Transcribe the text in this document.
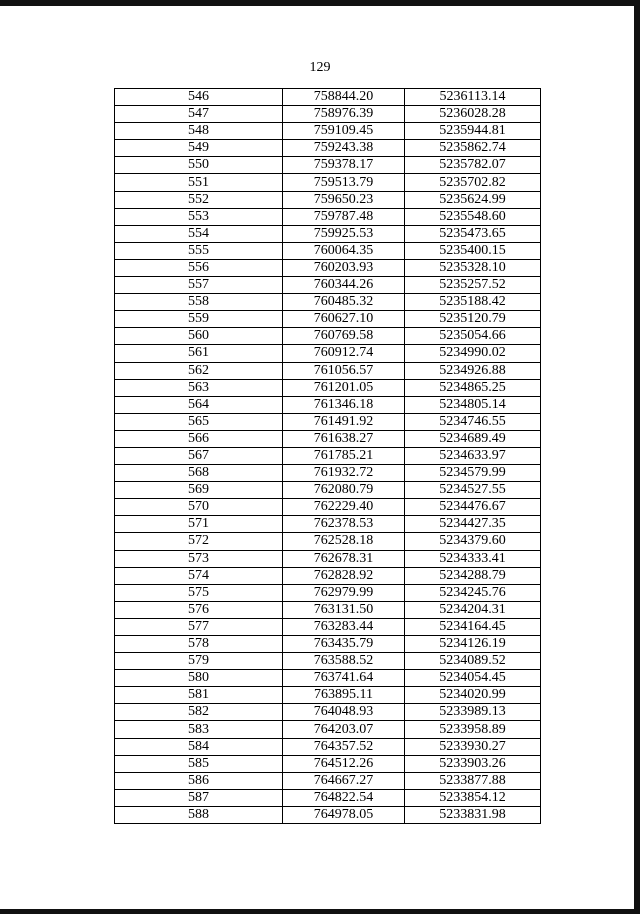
129
546	758844.20	5236113.14
547	758976.39	5236028.28
548	759109.45	5235944.81
549	759243.38	5235862.74
550	759378.17	5235782.07
551	759513.79	5235702.82
552	759650.23	5235624.99
553	759787.48	5235548.60
554	759925.53	5235473.65
555	760064.35	5235400.15
556	760203.93	5235328.10
557	760344.26	5235257.52
558	760485.32	5235188.42
559	760627.10	5235120.79
560	760769.58	5235054.66
561	760912.74	5234990.02
562	761056.57	5234926.88
563	761201.05	5234865.25
564	761346.18	5234805.14
565	761491.92	5234746.55
566	761638.27	5234689.49
567	761785.21	5234633.97
568	761932.72	5234579.99
569	762080.79	5234527.55
570	762229.40	5234476.67
571	762378.53	5234427.35
572	762528.18	5234379.60
573	762678.31	5234333.41
574	762828.92	5234288.79
575	762979.99	5234245.76
576	763131.50	5234204.31
577	763283.44	5234164.45
578	763435.79	5234126.19
579	763588.52	5234089.52
580	763741.64	5234054.45
581	763895.11	5234020.99
582	764048.93	5233989.13
583	764203.07	5233958.89
584	764357.52	5233930.27
585	764512.26	5233903.26
586	764667.27	5233877.88
587	764822.54	5233854.12
588	764978.05	5233831.98
